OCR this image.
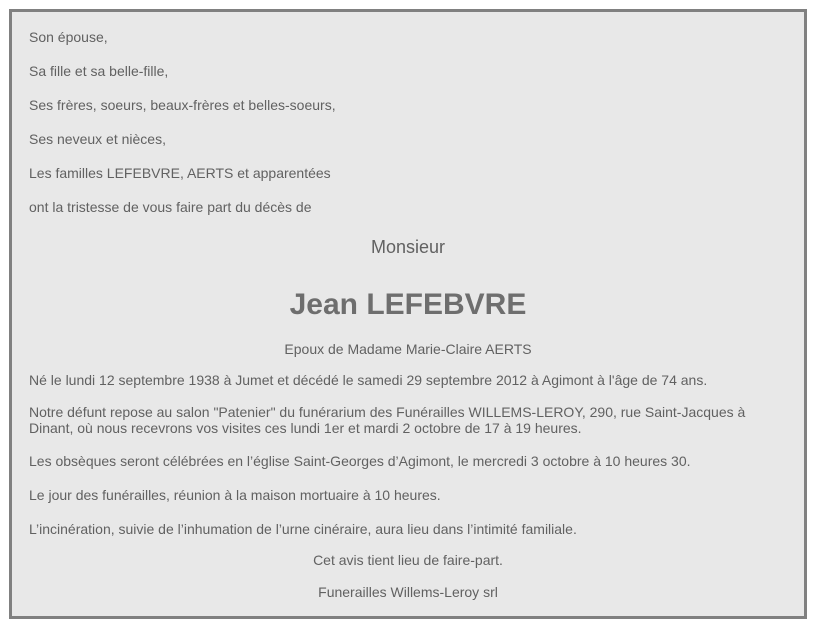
Son épouse,
Sa fille et sa belle-fille,
Ses frères, soeurs, beaux-frères et belles-soeurs,
Ses neveux et nièces,
Les familles LEFEBVRE, AERTS et apparentées
ont la tristesse de vous faire part du décès de
Monsieur
Jean LEFEBVRE
Epoux de Madame Marie-Claire AERTS
Né le lundi 12 septembre 1938 à Jumet et décédé le samedi 29 septembre 2012 à Agimont à l'âge de 74 ans.
Notre défunt repose au salon "Patenier" du funérarium des Funérailles WILLEMS-LEROY, 290, rue Saint-Jacques à Dinant, où nous recevrons vos visites ces lundi 1er et mardi 2 octobre de 17 à 19 heures.
Les obsèques seront célébrées en l’église Saint-Georges d’Agimont, le mercredi 3 octobre à 10 heures 30.
Le jour des funérailles, réunion à la maison mortuaire à 10 heures.
L’incinération, suivie de l’inhumation de l’urne cinéraire, aura lieu dans l’intimité familiale.
Cet avis tient lieu de faire-part.
Funerailles Willems-Leroy srl
